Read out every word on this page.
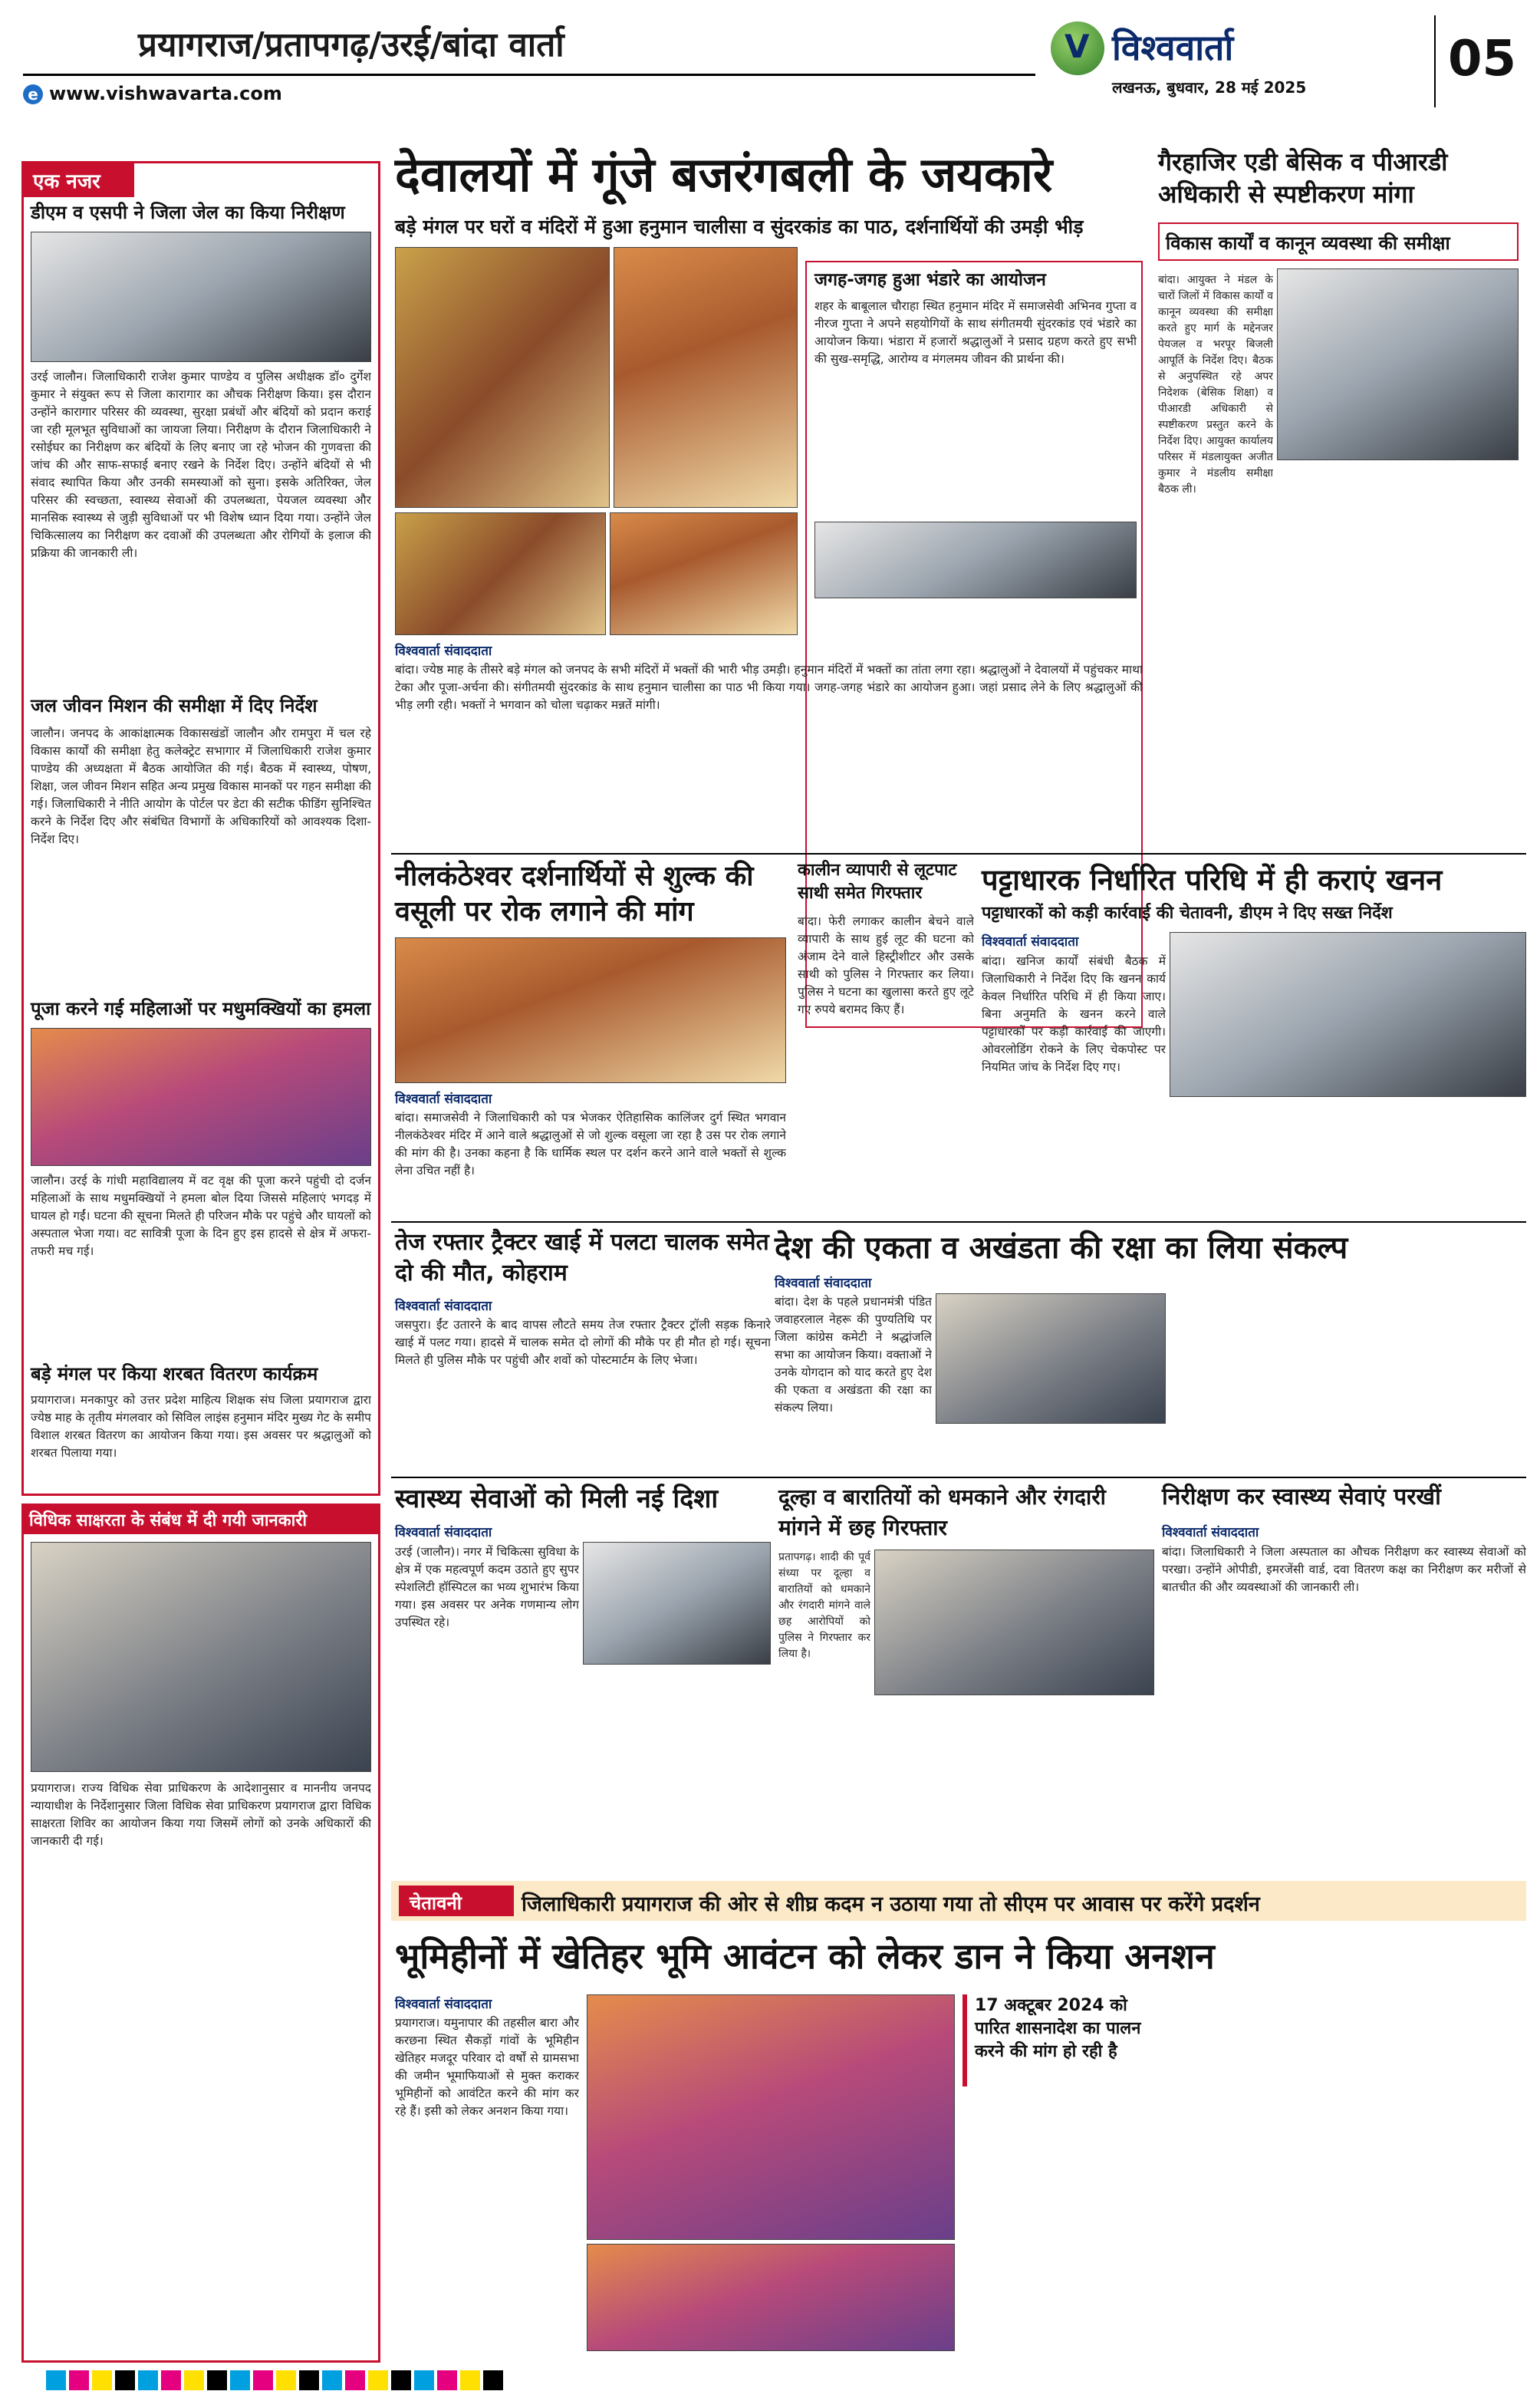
प्रयागराज/प्रतापगढ़/उरई/बांदा वार्ता
e www.vishwavarta.com
V विश्ववार्ता
लखनऊ, बुधवार, 28 मई 2025	05
एक नजर
डीएम व एसपी ने जिला जेल का किया निरीक्षण
उरई जालौन। जिलाधिकारी राजेश कुमार पाण्डेय व पुलिस अधीक्षक डॉ० दुर्गेश कुमार ने संयुक्त रूप से जिला कारागार का औचक निरीक्षण किया। इस दौरान उन्होंने कारागार परिसर की व्यवस्था, सुरक्षा प्रबंधों और बंदियों को प्रदान कराई जा रही मूलभूत सुविधाओं का जायजा लिया। निरीक्षण के दौरान जिलाधिकारी ने रसोईघर का निरीक्षण कर बंदियों के लिए बनाए जा रहे भोजन की गुणवत्ता की जांच की और साफ-सफाई बनाए रखने के निर्देश दिए। उन्होंने बंदियों से भी संवाद स्थापित किया और उनकी समस्याओं को सुना। इसके अतिरिक्त, जेल परिसर की स्वच्छता, स्वास्थ्य सेवाओं की उपलब्धता, पेयजल व्यवस्था और मानसिक स्वास्थ्य से जुड़ी सुविधाओं पर भी विशेष ध्यान दिया गया। उन्होंने जेल चिकित्सालय का निरीक्षण कर दवाओं की उपलब्धता और रोगियों के इलाज की प्रक्रिया की जानकारी ली।
जल जीवन मिशन की समीक्षा में दिए निर्देश
जालौन। जनपद के आकांक्षात्मक विकासखंडों जालौन और रामपुरा में चल रहे विकास कार्यों की समीक्षा हेतु कलेक्ट्रेट सभागार में जिलाधिकारी राजेश कुमार पाण्डेय की अध्यक्षता में बैठक आयोजित की गई। बैठक में स्वास्थ्य, पोषण, शिक्षा, जल जीवन मिशन सहित अन्य प्रमुख विकास मानकों पर गहन समीक्षा की गई। जिलाधिकारी ने नीति आयोग के पोर्टल पर डेटा की सटीक फीडिंग सुनिश्चित करने के निर्देश दिए और संबंधित विभागों के अधिकारियों को आवश्यक दिशा-निर्देश दिए।
पूजा करने गई महिलाओं पर मधुमक्खियों का हमला
जालौन। उरई के गांधी महाविद्यालय में वट वृक्ष की पूजा करने पहुंची दो दर्जन महिलाओं के साथ मधुमक्खियों ने हमला बोल दिया जिससे महिलाएं भगदड़ में घायल हो गईं। घटना की सूचना मिलते ही परिजन मौके पर पहुंचे और घायलों को अस्पताल भेजा गया। वट सावित्री पूजा के दिन हुए इस हादसे से क्षेत्र में अफरा-तफरी मच गई।
बड़े मंगल पर किया शरबत वितरण कार्यक्रम
प्रयागराज। मनकापुर को उत्तर प्रदेश माहित्य शिक्षक संघ जिला प्रयागराज द्वारा ज्येष्ठ माह के तृतीय मंगलवार को सिविल लाइंस हनुमान मंदिर मुख्य गेट के समीप विशाल शरबत वितरण का आयोजन किया गया। इस अवसर पर श्रद्धालुओं को शरबत पिलाया गया।
विधिक साक्षरता के संबंध में दी गयी जानकारी
प्रयागराज। राज्य विधिक सेवा प्राधिकरण के आदेशानुसार व माननीय जनपद न्यायाधीश के निर्देशानुसार जिला विधिक सेवा प्राधिकरण प्रयागराज द्वारा विधिक साक्षरता शिविर का आयोजन किया गया जिसमें लोगों को उनके अधिकारों की जानकारी दी गई।
देवालयों में गूंजे बजरंगबली के जयकारे
बड़े मंगल पर घरों व मंदिरों में हुआ हनुमान चालीसा व सुंदरकांड का पाठ, दर्शनार्थियों की उमड़ी भीड़
जगह-जगह हुआ भंडारे का आयोजन
शहर के बाबूलाल चौराहा स्थित हनुमान मंदिर में समाजसेवी अभिनव गुप्ता व नीरज गुप्ता ने अपने सहयोगियों के साथ संगीतमयी सुंदरकांड एवं भंडारे का आयोजन किया। भंडारा में हजारों श्रद्धालुओं ने प्रसाद ग्रहण करते हुए सभी की सुख-समृद्धि, आरोग्य व मंगलमय जीवन की प्रार्थना की।
विश्ववार्ता संवाददाता
बांदा। ज्येष्ठ माह के तीसरे बड़े मंगल को जनपद के सभी मंदिरों में भक्तों की भारी भीड़ उमड़ी। हनुमान मंदिरों में भक्तों का तांता लगा रहा। श्रद्धालुओं ने देवालयों में पहुंचकर माथा टेका और पूजा-अर्चना की। संगीतमयी सुंदरकांड के साथ हनुमान चालीसा का पाठ भी किया गया। जगह-जगह भंडारे का आयोजन हुआ। जहां प्रसाद लेने के लिए श्रद्धालुओं की भीड़ लगी रही। भक्तों ने भगवान को चोला चढ़ाकर मन्नतें मांगी।
गैरहाजिर एडी बेसिक व पीआरडी अधिकारी से स्पष्टीकरण मांगा
विकास कार्यों व कानून व्यवस्था की समीक्षा
बांदा। आयुक्त ने मंडल के चारों जिलों में विकास कार्यों व कानून व्यवस्था की समीक्षा करते हुए मार्ग के मद्देनजर पेयजल व भरपूर बिजली आपूर्ति के निर्देश दिए। बैठक से अनुपस्थित रहे अपर निदेशक (बेसिक शिक्षा) व पीआरडी अधिकारी से स्पष्टीकरण प्रस्तुत करने के निर्देश दिए। आयुक्त कार्यालय परिसर में मंडलायुक्त अजीत कुमार ने मंडलीय समीक्षा बैठक ली।
नीलकंठेश्वर दर्शनार्थियों से शुल्क की वसूली पर रोक लगाने की मांग
विश्ववार्ता संवाददाता
बांदा। समाजसेवी ने जिलाधिकारी को पत्र भेजकर ऐतिहासिक कालिंजर दुर्ग स्थित भगवान नीलकंठेश्वर मंदिर में आने वाले श्रद्धालुओं से जो शुल्क वसूला जा रहा है उस पर रोक लगाने की मांग की है। उनका कहना है कि धार्मिक स्थल पर दर्शन करने आने वाले भक्तों से शुल्क लेना उचित नहीं है।
कालीन व्यापारी से लूटपाट साथी समेत गिरफ्तार
बांदा। फेरी लगाकर कालीन बेचने वाले व्यापारी के साथ हुई लूट की घटना को अंजाम देने वाले हिस्ट्रीशीटर और उसके साथी को पुलिस ने गिरफ्तार कर लिया। पुलिस ने घटना का खुलासा करते हुए लूटे गए रुपये बरामद किए हैं।
पट्टाधारक निर्धारित परिधि में ही कराएं खनन
पट्टाधारकों को कड़ी कार्रवाई की चेतावनी, डीएम ने दिए सख्त निर्देश
विश्ववार्ता संवाददाता
बांदा। खनिज कार्यों संबंधी बैठक में जिलाधिकारी ने निर्देश दिए कि खनन कार्य केवल निर्धारित परिधि में ही किया जाए। बिना अनुमति के खनन करने वाले पट्टाधारकों पर कड़ी कार्रवाई की जाएगी। ओवरलोडिंग रोकने के लिए चेकपोस्ट पर नियमित जांच के निर्देश दिए गए।
तेज रफ्तार ट्रैक्टर खाई में पलटा चालक समेत दो की मौत, कोहराम
विश्ववार्ता संवाददाता
जसपुरा। ईंट उतारने के बाद वापस लौटते समय तेज रफ्तार ट्रैक्टर ट्रॉली सड़क किनारे खाई में पलट गया। हादसे में चालक समेत दो लोगों की मौके पर ही मौत हो गई। सूचना मिलते ही पुलिस मौके पर पहुंची और शवों को पोस्टमार्टम के लिए भेजा।
देश की एकता व अखंडता की रक्षा का लिया संकल्प
विश्ववार्ता संवाददाता
बांदा। देश के पहले प्रधानमंत्री पंडित जवाहरलाल नेहरू की पुण्यतिथि पर जिला कांग्रेस कमेटी ने श्रद्धांजलि सभा का आयोजन किया। वक्ताओं ने उनके योगदान को याद करते हुए देश की एकता व अखंडता की रक्षा का संकल्प लिया।
स्वास्थ्य सेवाओं को मिली नई दिशा
विश्ववार्ता संवाददाता
उरई (जालौन)। नगर में चिकित्सा सुविधा के क्षेत्र में एक महत्वपूर्ण कदम उठाते हुए सुपर स्पेशलिटी हॉस्पिटल का भव्य शुभारंभ किया गया। इस अवसर पर अनेक गणमान्य लोग उपस्थित रहे।
दूल्हा व बारातियों को धमकाने और रंगदारी मांगने में छह गिरफ्तार
प्रतापगढ़। शादी की पूर्व संध्या पर दूल्हा व बारातियों को धमकाने और रंगदारी मांगने वाले छह आरोपियों को पुलिस ने गिरफ्तार कर लिया है।
निरीक्षण कर स्वास्थ्य सेवाएं परखीं
विश्ववार्ता संवाददाता
बांदा। जिलाधिकारी ने जिला अस्पताल का औचक निरीक्षण कर स्वास्थ्य सेवाओं को परखा। उन्होंने ओपीडी, इमरजेंसी वार्ड, दवा वितरण कक्ष का निरीक्षण कर मरीजों से बातचीत की और व्यवस्थाओं की जानकारी ली।
चेतावनी	जिलाधिकारी प्रयागराज की ओर से शीघ्र कदम न उठाया गया तो सीएम पर आवास पर करेंगे प्रदर्शन
भूमिहीनों में खेतिहर भूमि आवंटन को लेकर डान ने किया अनशन
विश्ववार्ता संवाददाता
प्रयागराज। यमुनापार की तहसील बारा और करछना स्थित सैकड़ों गांवों के भूमिहीन खेतिहर मजदूर परिवार दो वर्षों से ग्रामसभा की जमीन भूमाफियाओं से मुक्त कराकर भूमिहीनों को आवंटित करने की मांग कर रहे हैं। इसी को लेकर अनशन किया गया।
17 अक्टूबर 2024 को पारित शासनादेश का पालन करने की मांग हो रही है
